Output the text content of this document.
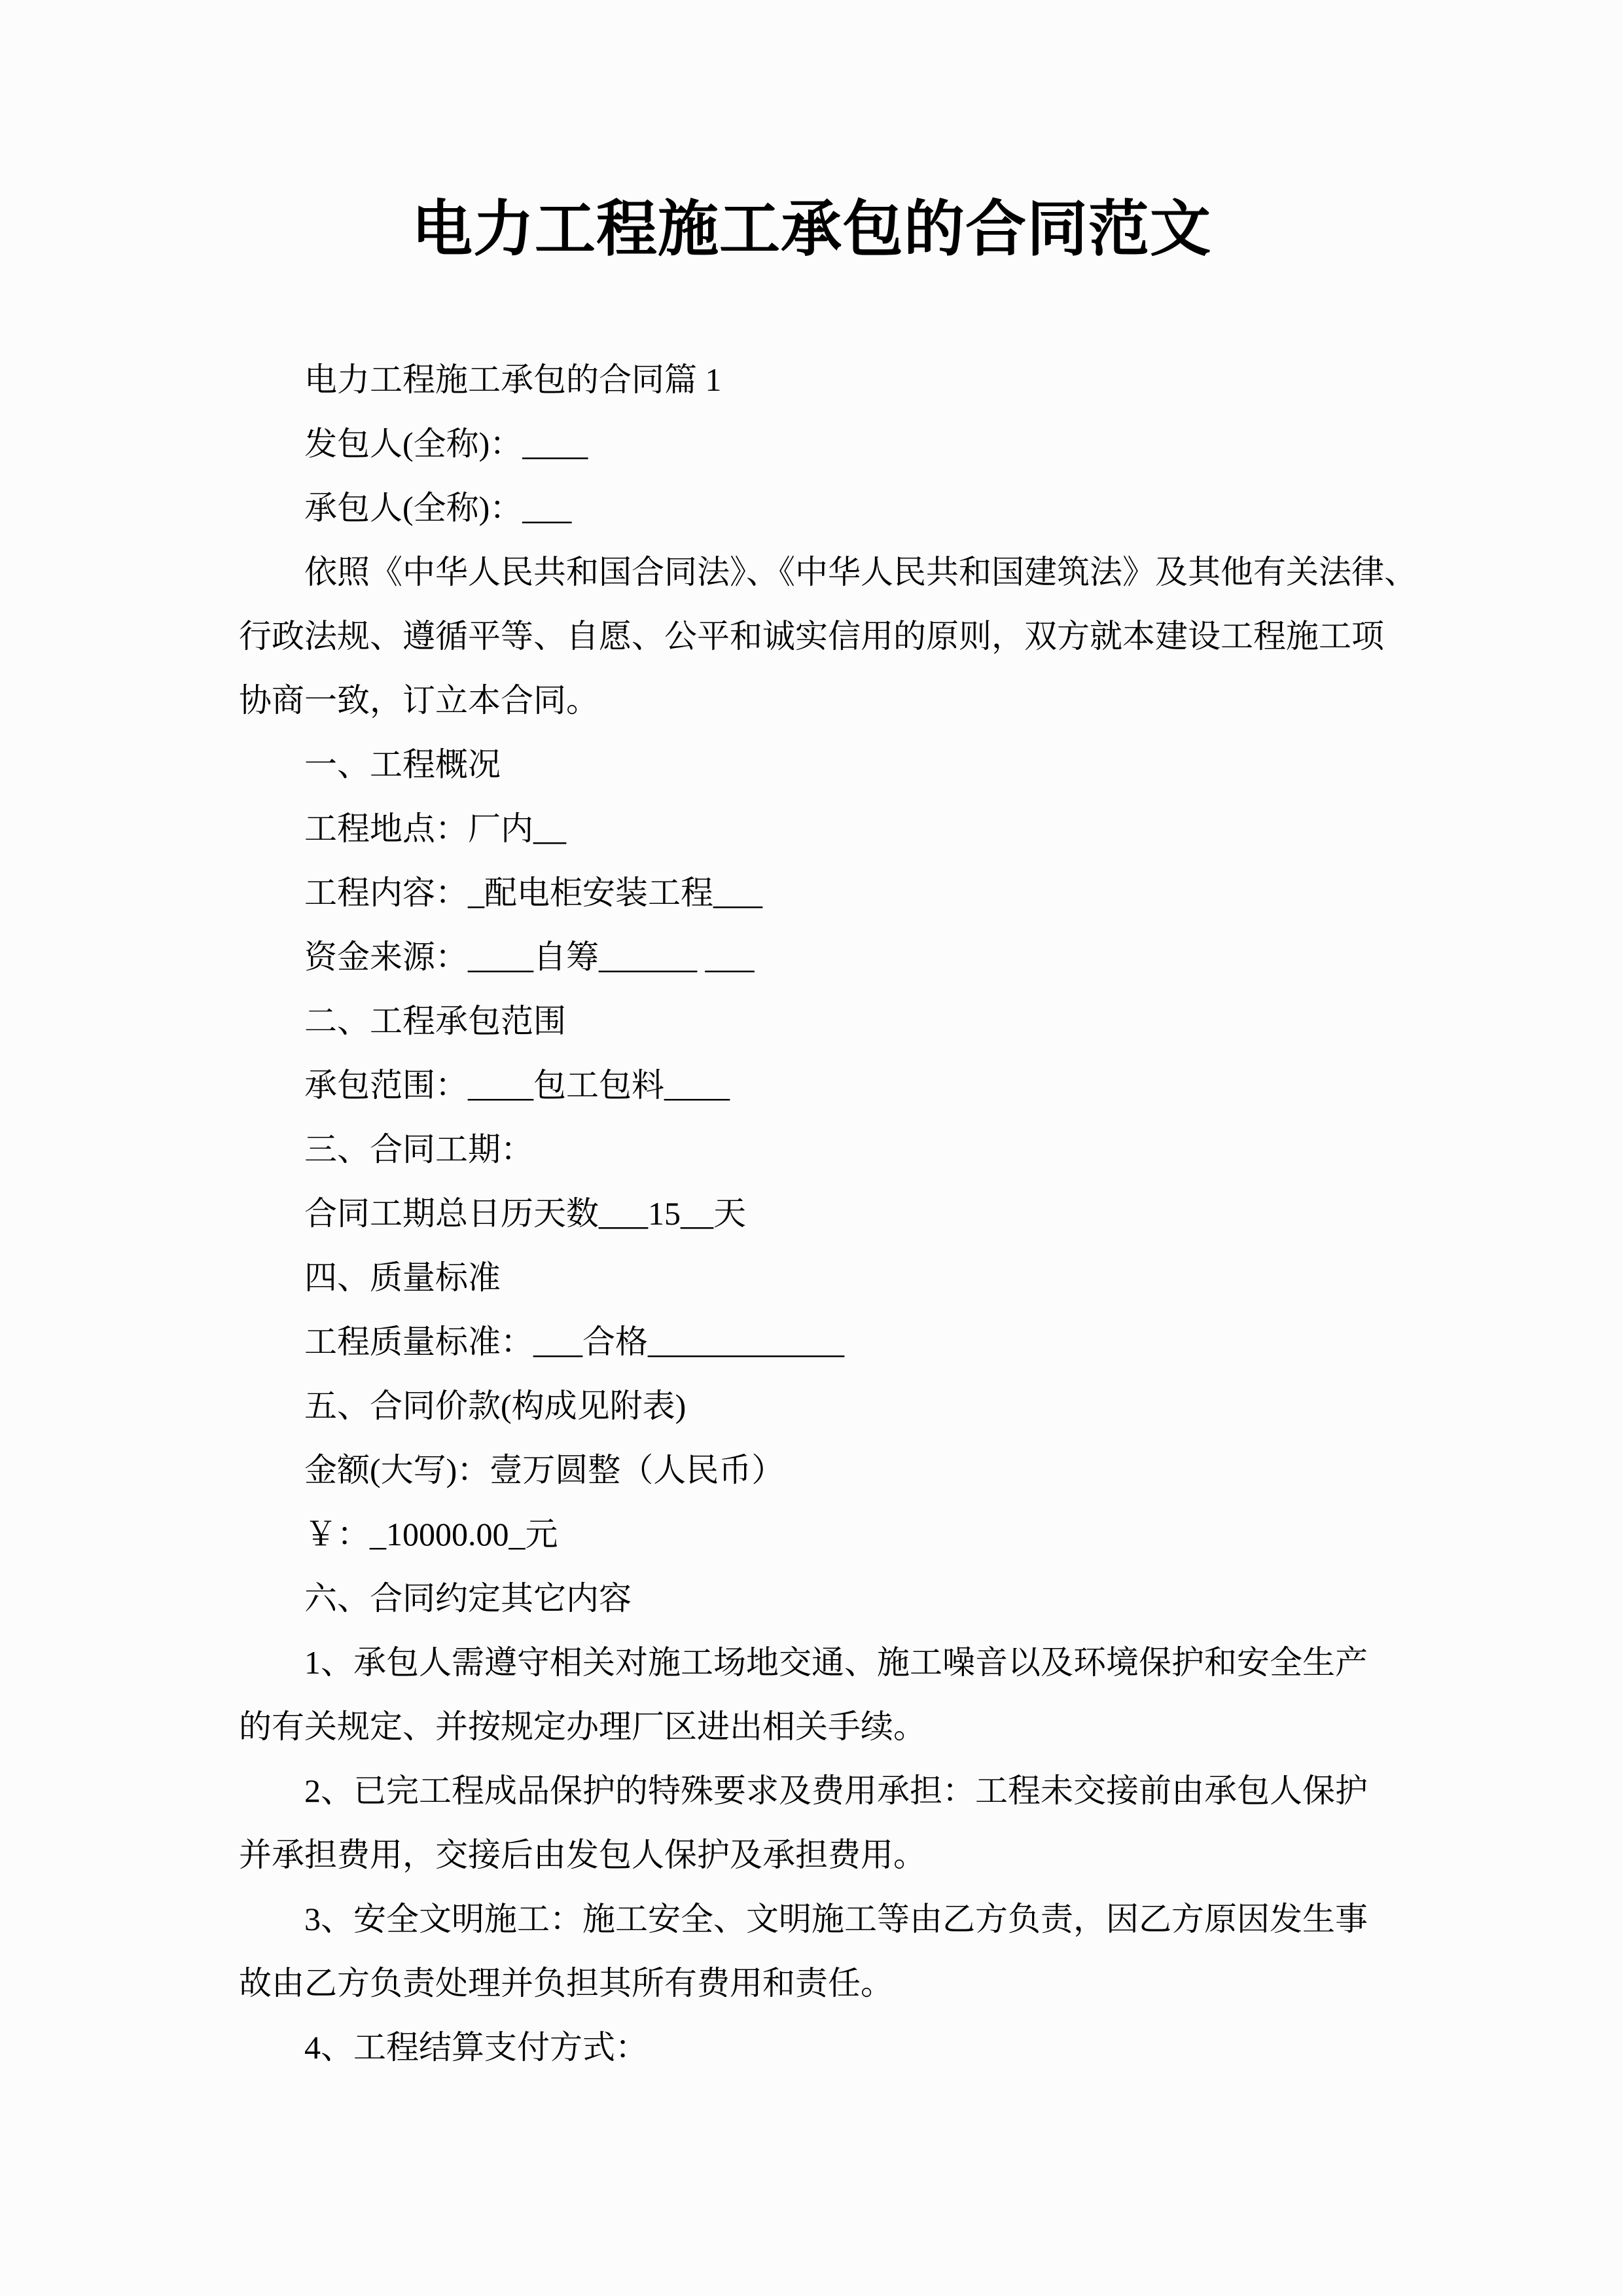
电力工程施工承包的合同范文
电力工程施工承包的合同篇 1
发包人(全称)：____
承包人(全称)：___
依照《中华人民共和国合同法》、《中华人民共和国建筑法》及其他有关法律、
行政法规、遵循平等、自愿、公平和诚实信用的原则，双方就本建设工程施工项
协商一致，订立本合同。
一、工程概况
工程地点：厂内__
工程内容：_配电柜安装工程___
资金来源：____自筹______ ___
二、工程承包范围
承包范围：____包工包料____
三、合同工期：
合同工期总日历天数___15__天
四、质量标准
工程质量标准：___合格____________
五、合同价款(构成见附表)
金额(大写)：壹万圆整（人民币）
￥：_10000.00_元
六、合同约定其它内容
1、承包人需遵守相关对施工场地交通、施工噪音以及环境保护和安全生产
的有关规定、并按规定办理厂区进出相关手续。
2、已完工程成品保护的特殊要求及费用承担：工程未交接前由承包人保护
并承担费用，交接后由发包人保护及承担费用。
3、安全文明施工：施工安全、文明施工等由乙方负责，因乙方原因发生事
故由乙方负责处理并负担其所有费用和责任。
4、工程结算支付方式：
